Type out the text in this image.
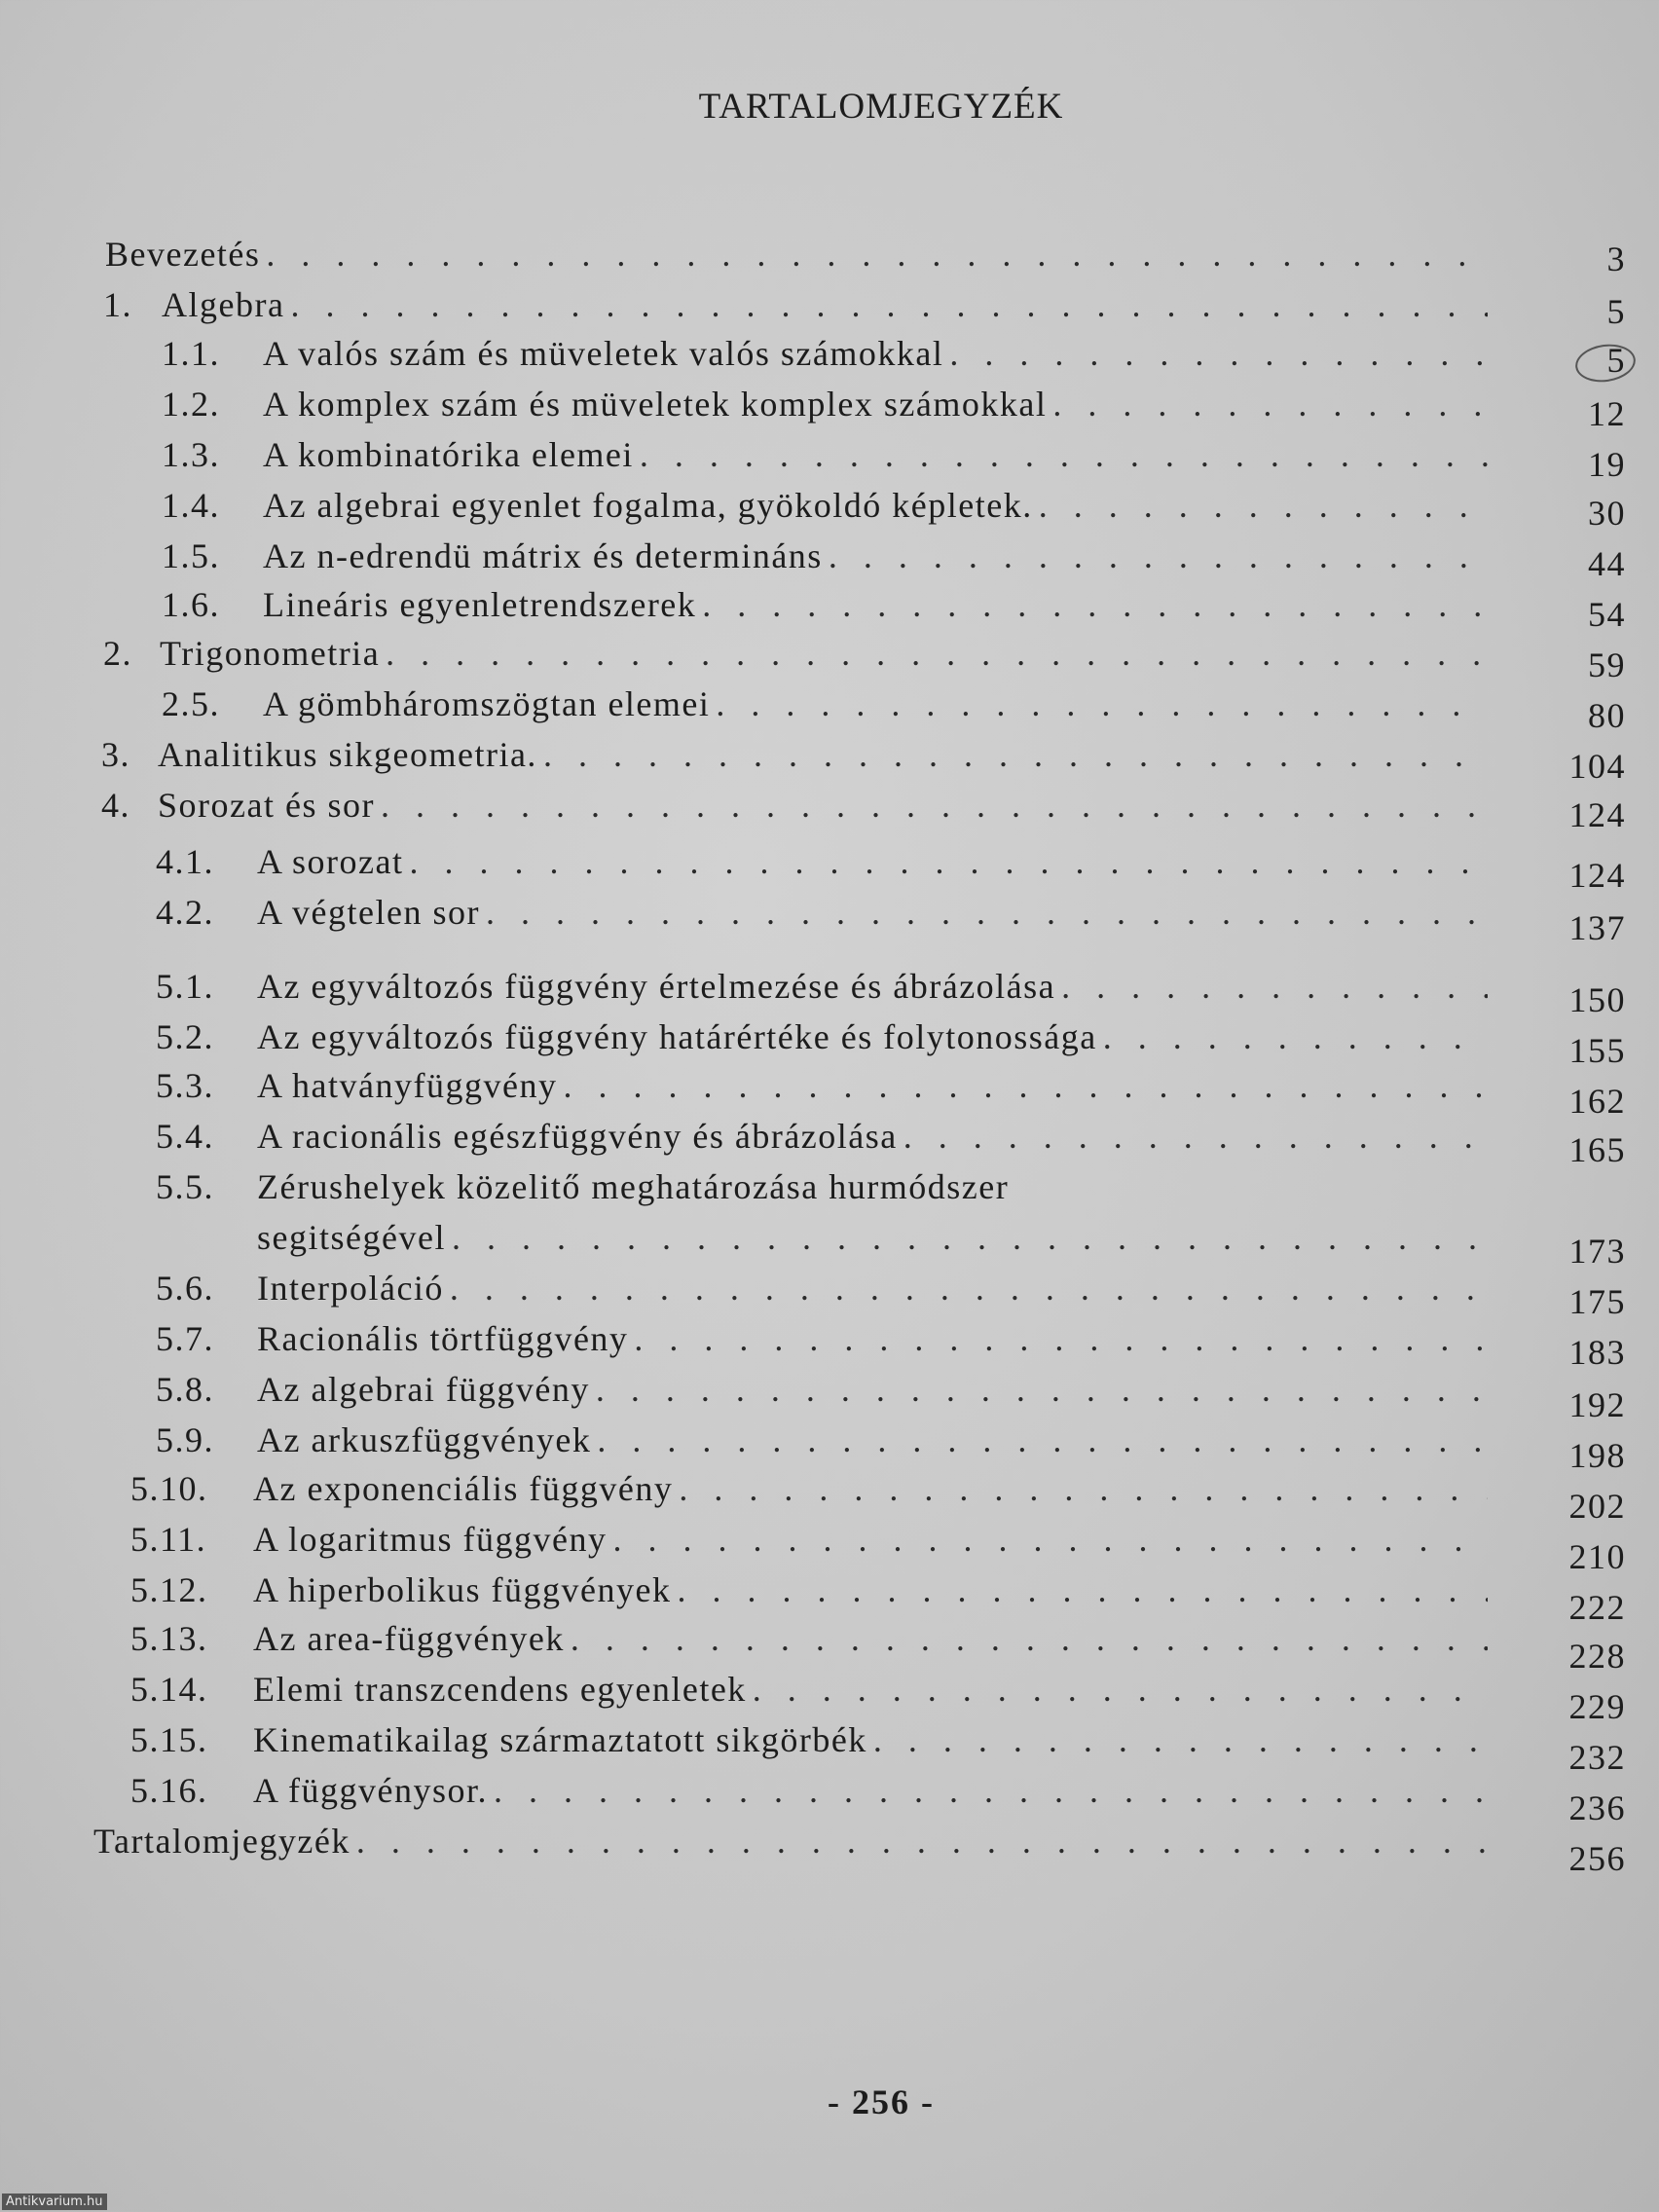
TARTALOMJEGYZÉK
Bevezetés . . .	3
1. Algebra . . .	5
1.1.	A valós szám és müveletek valós számokkal . . .	5
1.2.	A komplex szám és müveletek komplex számokkal . . .	12
1.3.	A kombinatórika elemei . . .	19
1.4.	Az algebrai egyenlet fogalma, gyökoldó képletek. . . .	30
1.5.	Az n-edrendü mátrix és determináns . . .	44
1.6.	Lineáris egyenletrendszerek . . .	54
2. Trigonometria . . .	59
2.5.	A gömbháromszögtan elemei . . .	80
3. Analitikus sikgeometria. . . .	104
4. Sorozat és sor . . .	124
4.1.	A sorozat . . .	124
4.2.	A végtelen sor . . .	137
5.1.	Az egyváltozós függvény értelmezése és ábrázolása . . .	150
5.2.	Az egyváltozós függvény határértéke és folytonossága . . .	155
5.3.	A hatványfüggvény . . .	162
5.4.	A racionális egészfüggvény és ábrázolása . . .	165
5.5.	Zérushelyek közelitő meghatározása hurmódszer
segitségével . . .	173
5.6.	Interpoláció . . .	175
5.7.	Racionális törtfüggvény . . .	183
5.8.	Az algebrai függvény . . .	192
5.9.	Az arkuszfüggvények . . .	198
5.10.	Az exponenciális függvény . . .	202
5.11.	A logaritmus függvény . . .	210
5.12.	A hiperbolikus függvények . . .	222
5.13.	Az area-függvények . . .	228
5.14.	Elemi transzcendens egyenletek . . .	229
5.15.	Kinematikailag származtatott sikgörbék . . .	232
5.16.	A függvénysor. . . .	236
Tartalomjegyzék . . .	256
- 256 -
Antikvarium.hu
